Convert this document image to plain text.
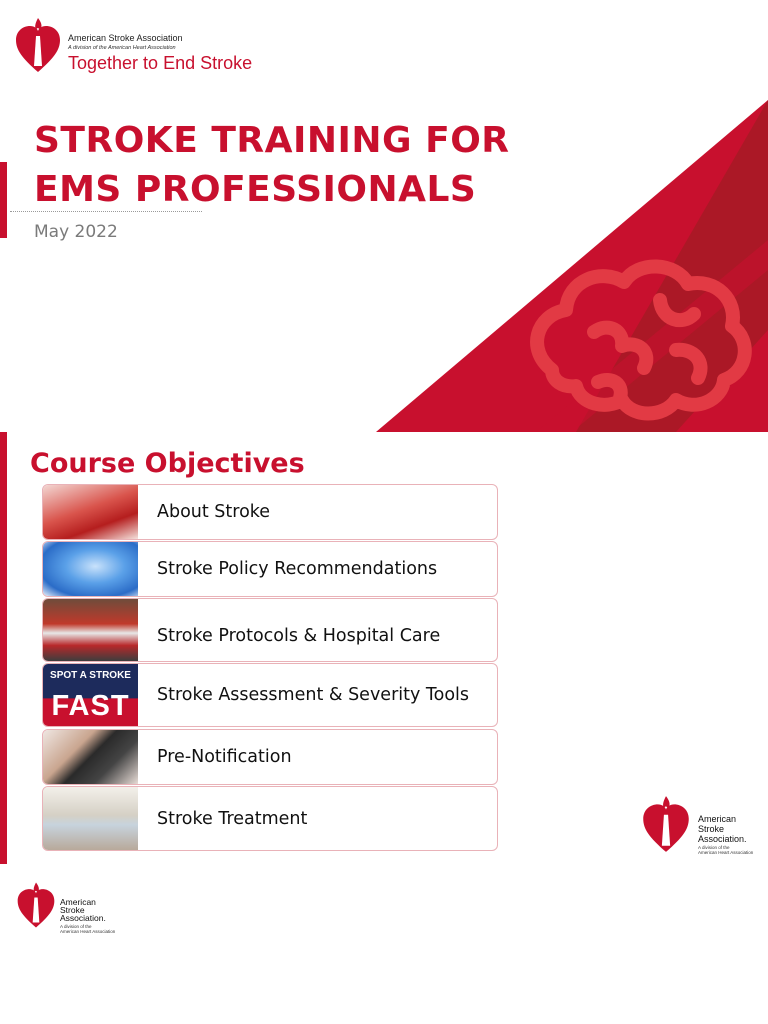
American Stroke Association
A division of the American Heart Association
Together to End Stroke
STROKE TRAINING FOR
EMS PROFESSIONALS
May 2022
Course Objectives
About Stroke
Stroke Policy Recommendations
Stroke Protocols & Hospital Care
SPOT A STROKE
FAST Stroke Assessment & Severity Tools
Pre-Notification
Stroke Treatment	American
Stroke
Association.
A division of the
American Heart Association
American
Stroke
Association.
A division of the
American Heart Association
